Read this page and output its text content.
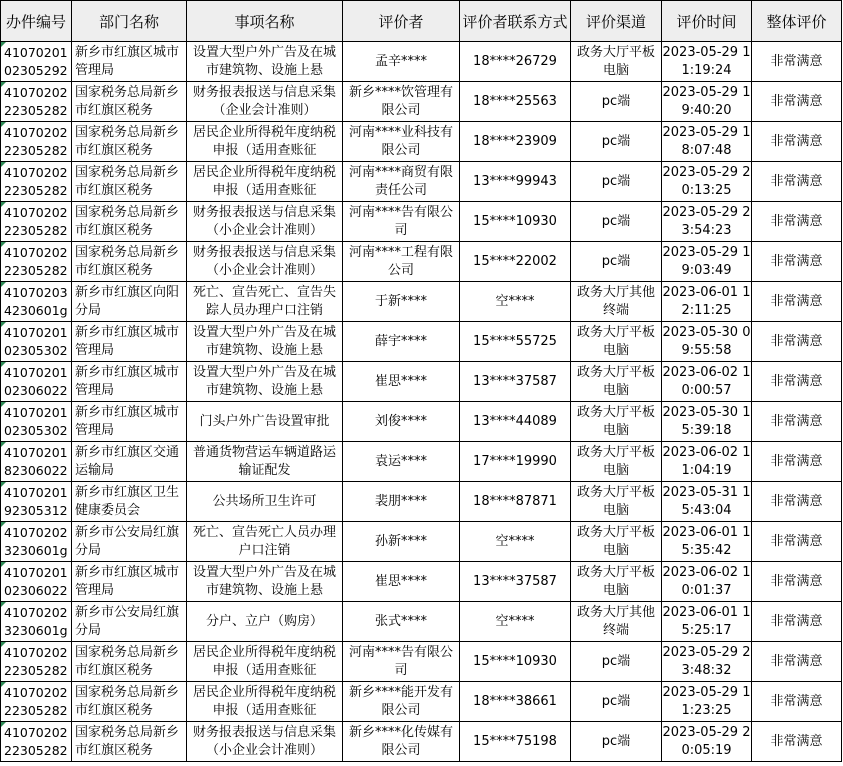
办件编号	部门名称	事项名称	评价者	评价者联系方式	评价渠道	评价时间	整体评价

41070201
02305292	新乡市红旗区城市管理局	设置大型户外广告及在城市建筑物、设施上悬	孟辛****	18****26729	政务大厅平板电脑	2023-05-29 11:19:24	非常满意

41070202
22305282	国家税务总局新乡市红旗区税务	财务报表报送与信息采集（企业会计准则）	新乡****饮管理有限公司	18****25563	pc端	2023-05-29 19:40:20	非常满意

41070202
22305282	国家税务总局新乡市红旗区税务	居民企业所得税年度纳税申报（适用查账征	河南****业科技有限公司	18****23909	pc端	2023-05-29 18:07:48	非常满意

41070202
22305282	国家税务总局新乡市红旗区税务	居民企业所得税年度纳税申报（适用查账征	河南****商贸有限责任公司	13****99943	pc端	2023-05-29 20:13:25	非常满意

41070202
22305282	国家税务总局新乡市红旗区税务	财务报表报送与信息采集（小企业会计准则）	河南****告有限公司	15****10930	pc端	2023-05-29 23:54:23	非常满意

41070202
22305282	国家税务总局新乡市红旗区税务	财务报表报送与信息采集（小企业会计准则）	河南****工程有限公司	15****22002	pc端	2023-05-29 19:03:49	非常满意

41070203
4230601g	新乡市红旗区向阳分局	死亡、宣告死亡、宣告失踪人员办理户口注销	于新****	空****	政务大厅其他终端	2023-06-01 12:11:25	非常满意

41070201
02305302	新乡市红旗区城市管理局	设置大型户外广告及在城市建筑物、设施上悬	薛宇****	15****55725	政务大厅平板电脑	2023-05-30 09:55:58	非常满意

41070201
02306022	新乡市红旗区城市管理局	设置大型户外广告及在城市建筑物、设施上悬	崔思****	13****37587	政务大厅平板电脑	2023-06-02 10:00:57	非常满意

41070201
02305302	新乡市红旗区城市管理局	门头户外广告设置审批	刘俊****	13****44089	政务大厅平板电脑	2023-05-30 15:39:18	非常满意

41070201
82306022	新乡市红旗区交通运输局	普通货物营运车辆道路运输证配发	袁运****	17****19990	政务大厅平板电脑	2023-06-02 11:04:19	非常满意

41070201
92305312	新乡市红旗区卫生健康委员会	公共场所卫生许可	裴朋****	18****87871	政务大厅平板电脑	2023-05-31 15:43:04	非常满意

41070202
3230601g	新乡市公安局红旗分局	死亡、宣告死亡人员办理户口注销	孙新****	空****	政务大厅平板电脑	2023-06-01 15:35:42	非常满意

41070201
02306022	新乡市红旗区城市管理局	设置大型户外广告及在城市建筑物、设施上悬	崔思****	13****37587	政务大厅平板电脑	2023-06-02 10:01:37	非常满意

41070202
3230601g	新乡市公安局红旗分局	分户、立户（购房）	张式****	空****	政务大厅其他终端	2023-06-01 15:25:17	非常满意

41070202
22305282	国家税务总局新乡市红旗区税务	居民企业所得税年度纳税申报（适用查账征	河南****告有限公司	15****10930	pc端	2023-05-29 23:48:32	非常满意

41070202
22305282	国家税务总局新乡市红旗区税务	居民企业所得税年度纳税申报（适用查账征	新乡****能开发有限公司	18****38661	pc端	2023-05-29 11:23:25	非常满意

41070202
22305282	国家税务总局新乡市红旗区税务	财务报表报送与信息采集（小企业会计准则）	新乡****化传媒有限公司	15****75198	pc端	2023-05-29 20:05:19	非常满意
